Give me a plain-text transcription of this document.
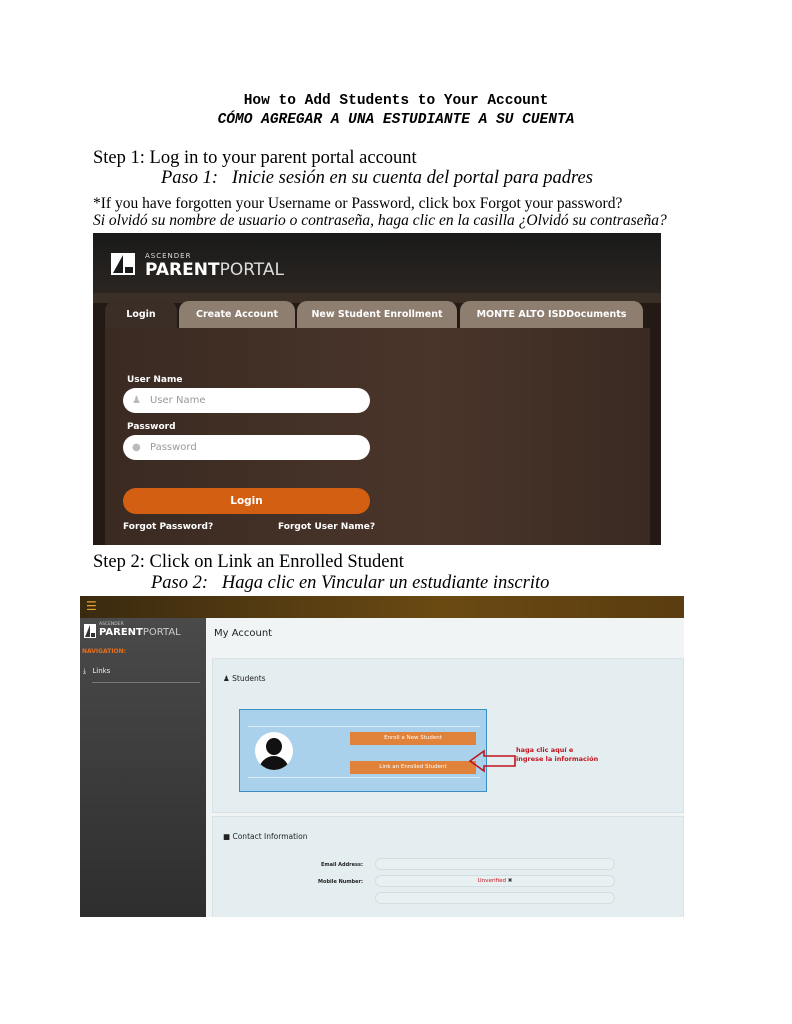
How to Add Students to Your Account
CÓMO AGREGAR A UNA ESTUDIANTE A SU CUENTA
Step 1: Log in to your parent portal account
Paso 1:   Inicie sesión en su cuenta del portal para padres
*If you have forgotten your Username or Password, click box Forgot your password?
Si olvidó su nombre de usuario o contraseña, haga clic en la casilla ¿Olvidó su contraseña?
ASCENDER
PARENTPORTAL
Login	Create Account	New Student Enrollment	MONTE ALTO ISDDocuments
User Name
♟ User Name
Password
● Password
Login
Forgot Password?	Forgot User Name?
Step 2: Click on Link an Enrolled Student
Paso 2:   Haga clic en Vincular un estudiante inscrito
☰
ASCENDER
PARENTPORTAL
NAVIGATION:
⤓ Links
My Account
♟ Students
Enroll a New Student
Link an Enrolled Student
haga clic aquí e
ingrese la información
■ Contact Information
Email Address:
Mobile Number:	Unverified ✖
